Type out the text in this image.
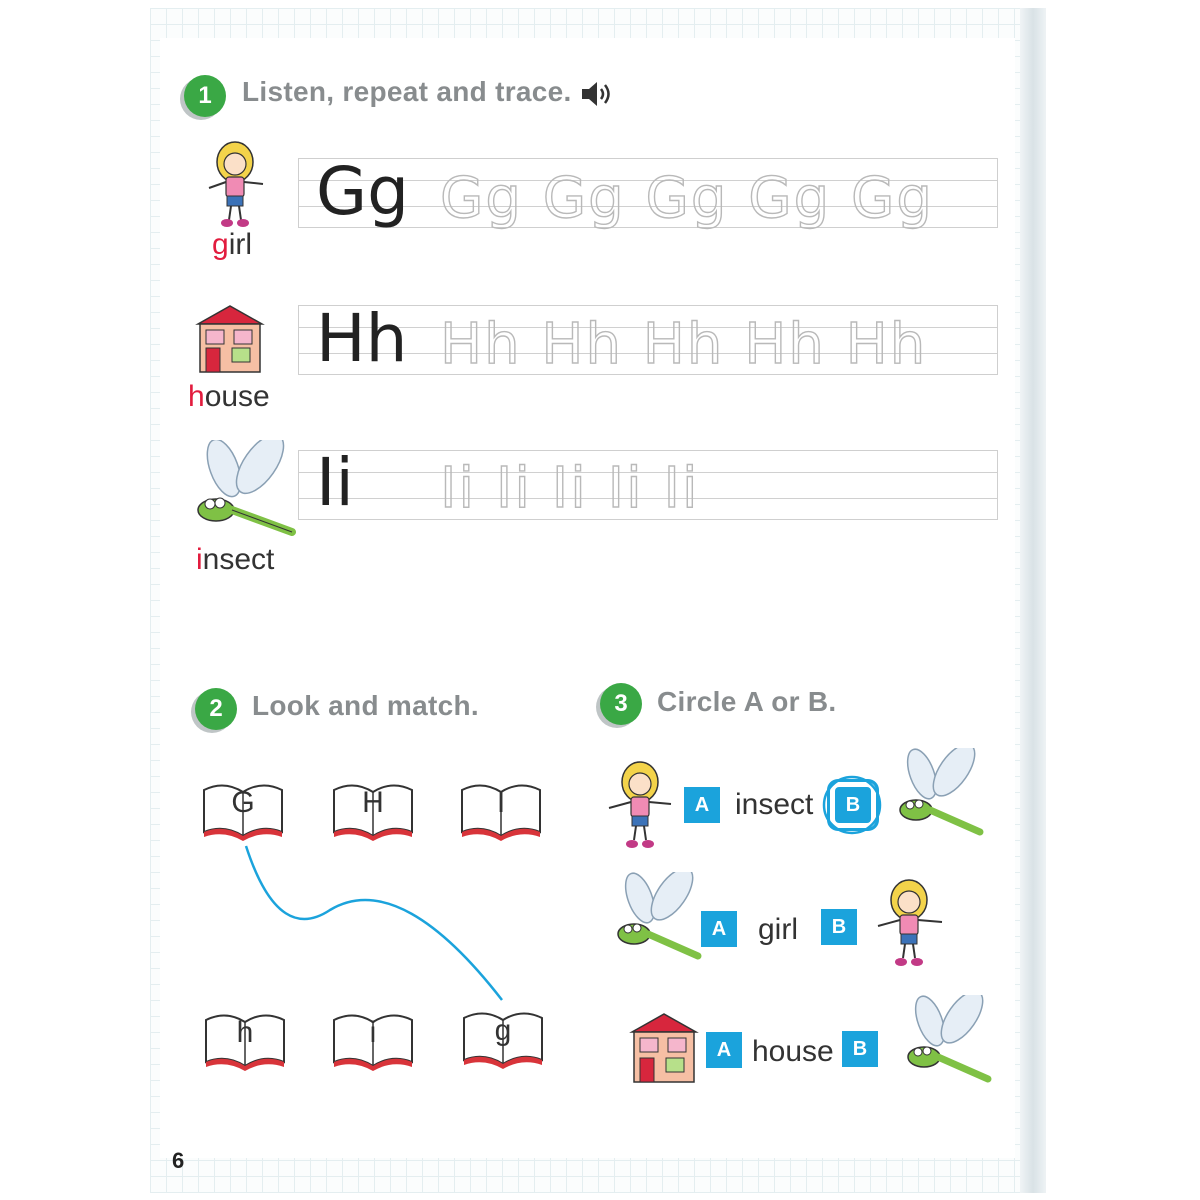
1	Listen, repeat and trace.
girl
Gg Gg Gg Gg Gg Gg
house
Hh Hh Hh Hh Hh Hh
insect
Ii Ii Ii Ii Ii Ii
2	Look and match.
G	H	I
h	i	g
3	Circle A or B.
A insect	B
A	girl	B
A house B
6
